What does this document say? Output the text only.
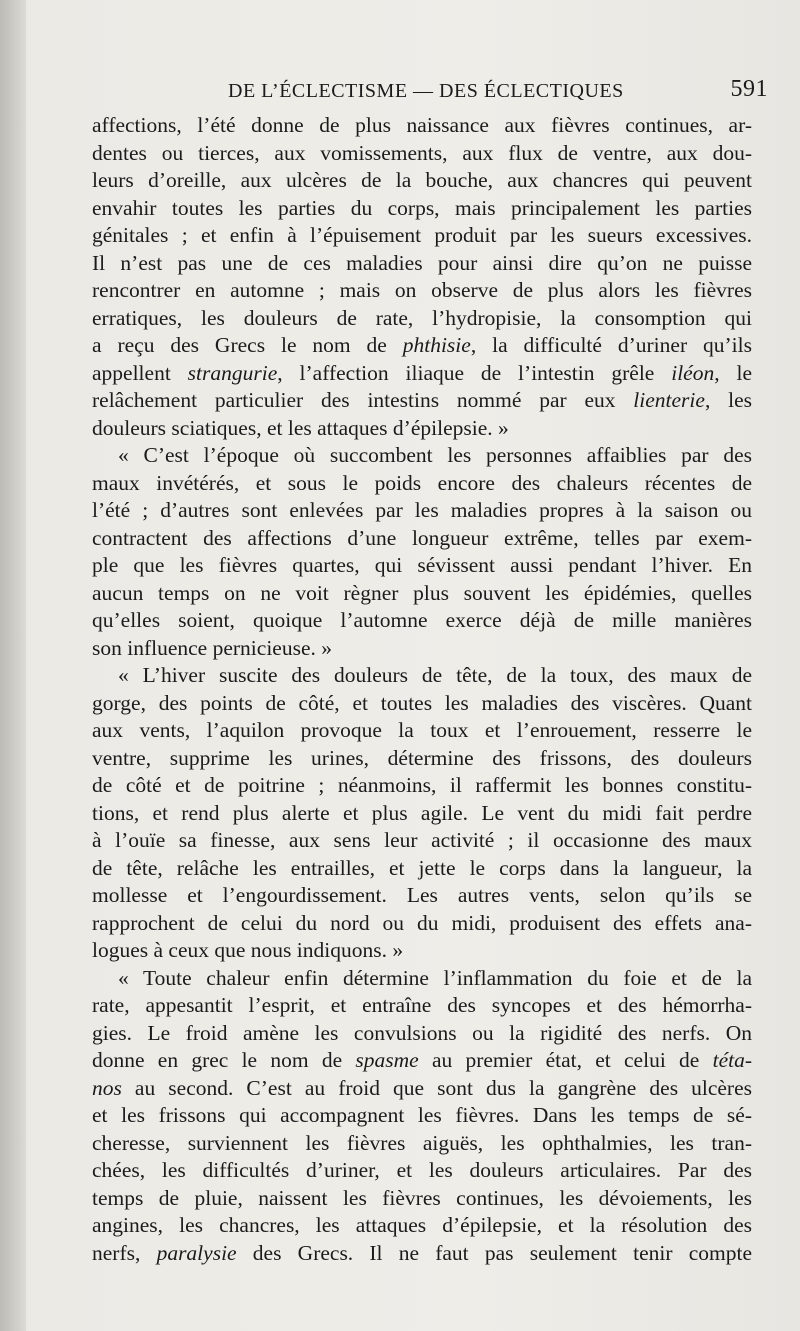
DE L’ÉCLECTISME — DES ÉCLECTIQUES	591
affections, l’été donne de plus naissance aux fièvres continues, ar-
dentes ou tierces, aux vomissements, aux flux de ventre, aux dou-
leurs d’oreille, aux ulcères de la bouche, aux chancres qui peuvent
envahir toutes les parties du corps, mais principalement les parties
génitales ; et enfin à l’épuisement produit par les sueurs excessives.
Il n’est pas une de ces maladies pour ainsi dire qu’on ne puisse
rencontrer en automne ; mais on observe de plus alors les fièvres
erratiques, les douleurs de rate, l’hydropisie, la consomption qui
a reçu des Grecs le nom de phthisie, la difficulté d’uriner qu’ils
appellent strangurie, l’affection iliaque de l’intestin grêle iléon, le
relâchement particulier des intestins nommé par eux lienterie, les
douleurs sciatiques, et les attaques d’épilepsie. »
« C’est l’époque où succombent les personnes affaiblies par des
maux invétérés, et sous le poids encore des chaleurs récentes de
l’été ; d’autres sont enlevées par les maladies propres à la saison ou
contractent des affections d’une longueur extrême, telles par exem-
ple que les fièvres quartes, qui sévissent aussi pendant l’hiver. En
aucun temps on ne voit règner plus souvent les épidémies, quelles
qu’elles soient, quoique l’automne exerce déjà de mille manières
son influence pernicieuse. »
« L’hiver suscite des douleurs de tête, de la toux, des maux de
gorge, des points de côté, et toutes les maladies des viscères. Quant
aux vents, l’aquilon provoque la toux et l’enrouement, resserre le
ventre, supprime les urines, détermine des frissons, des douleurs
de côté et de poitrine ; néanmoins, il raffermit les bonnes constitu-
tions, et rend plus alerte et plus agile. Le vent du midi fait perdre
à l’ouïe sa finesse, aux sens leur activité ; il occasionne des maux
de tête, relâche les entrailles, et jette le corps dans la langueur, la
mollesse et l’engourdissement. Les autres vents, selon qu’ils se
rapprochent de celui du nord ou du midi, produisent des effets ana-
logues à ceux que nous indiquons. »
« Toute chaleur enfin détermine l’inflammation du foie et de la
rate, appesantit l’esprit, et entraîne des syncopes et des hémorrha-
gies. Le froid amène les convulsions ou la rigidité des nerfs. On
donne en grec le nom de spasme au premier état, et celui de téta-
nos au second. C’est au froid que sont dus la gangrène des ulcères
et les frissons qui accompagnent les fièvres. Dans les temps de sé-
cheresse, surviennent les fièvres aiguës, les ophthalmies, les tran-
chées, les difficultés d’uriner, et les douleurs articulaires. Par des
temps de pluie, naissent les fièvres continues, les dévoiements, les
angines, les chancres, les attaques d’épilepsie, et la résolution des
nerfs, paralysie des Grecs. Il ne faut pas seulement tenir compte
